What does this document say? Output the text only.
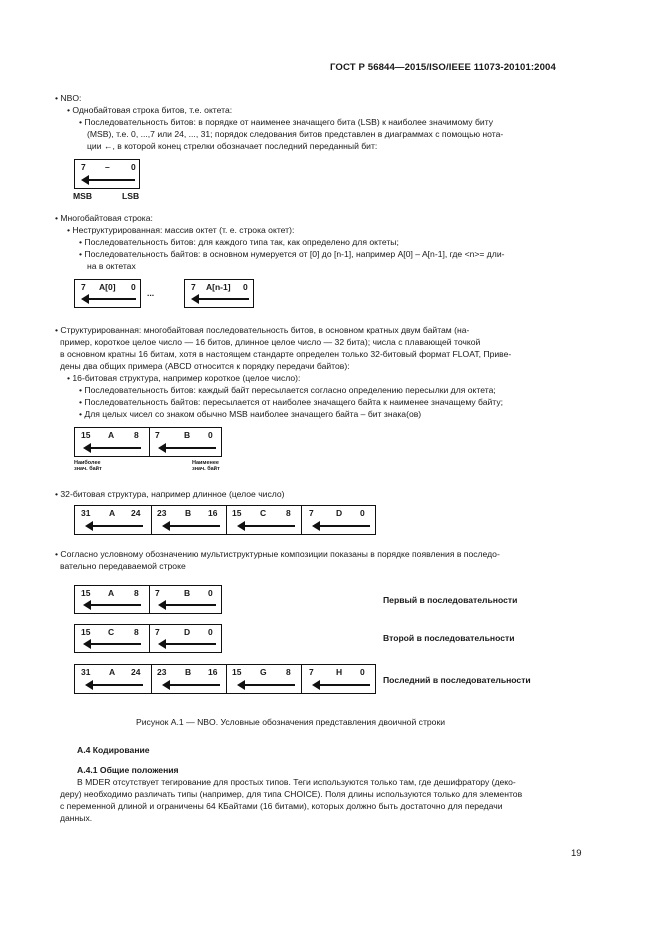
ГОСТ Р 56844—2015/ISO/IEEE 11073-20101:2004
• NBO:
• Однобайтовая строка битов, т.е. октета:
• Последовательность битов: в порядке от наименее значащего бита (LSB) к наиболее значимому биту
(MSB), т.е. 0, ...,7 или 24, ..., 31; порядок следования битов представлен в диаграммах с помощью нота-
ции ←, в которой конец стрелки обозначает последний переданный бит:
7 –	0
MSB	LSB
• Многобайтовая строка:
• Неструктурированная: массив октет (т. е. строка октет):
• Последовательность битов: для каждого типа так, как определено для октеты;
• Последовательность байтов: в основном нумеруется от [0] до [n-1], например A[0] – A[n-1], где <n>= дли-
на в октетах
7 A[0] 0
...
7 A[n-1] 0
• Структурированная: многобайтовая последовательность битов, в основном кратных двум байтам (на-
пример, короткое целое число — 16 битов, длинное целое число — 32 бита); числа с плавающей точкой
в основном кратны 16 битам, хотя в настоящем стандарте определен только 32-битовый формат FLOAT, Приве-
дены два общих примера (ABCD относится к порядку передачи байтов):
• 16-битовая структура, например короткое (целое число):
• Последовательность битов: каждый байт пересылается согласно определению пересылки для октета;
• Последовательность байтов: пересылается от наиболее значащего байта к наименее значащему байту;
• Для целых чисел со знаком обычно MSB наиболее значащего байта – бит знака(ов)
15 A 8 7	B 0
Наиболее
знач. байт
Наименее
знач. байт
• 32-битовая структура, например длинное (целое число)
31 A 24 23 B 16 15 C 8 7	D 0
• Согласно условному обозначению мультиструктурные композиции показаны в порядке появления в последо-
вательно передаваемой строке
15 A 8 7	B 0
Первый в последовательности
15 C 8 7	D 0
Второй в последовательности
31 A 24 23 B 16 15 G 8 7	H 0
Последний в последовательности
Рисунок А.1 — NBO. Условные обозначения представления двоичной строки
А.4 Кодирование
А.4.1 Общие положения
В MDER отсутствует тегирование для простых типов. Теги используются только там, где дешифратору (деко-
деру) необходимо различать типы (например, для типа CHOICE). Поля длины используются только для элементов
с переменной длиной и ограничены 64 КБайтами (16 битами), которых должно быть достаточно для передачи
данных.
19
